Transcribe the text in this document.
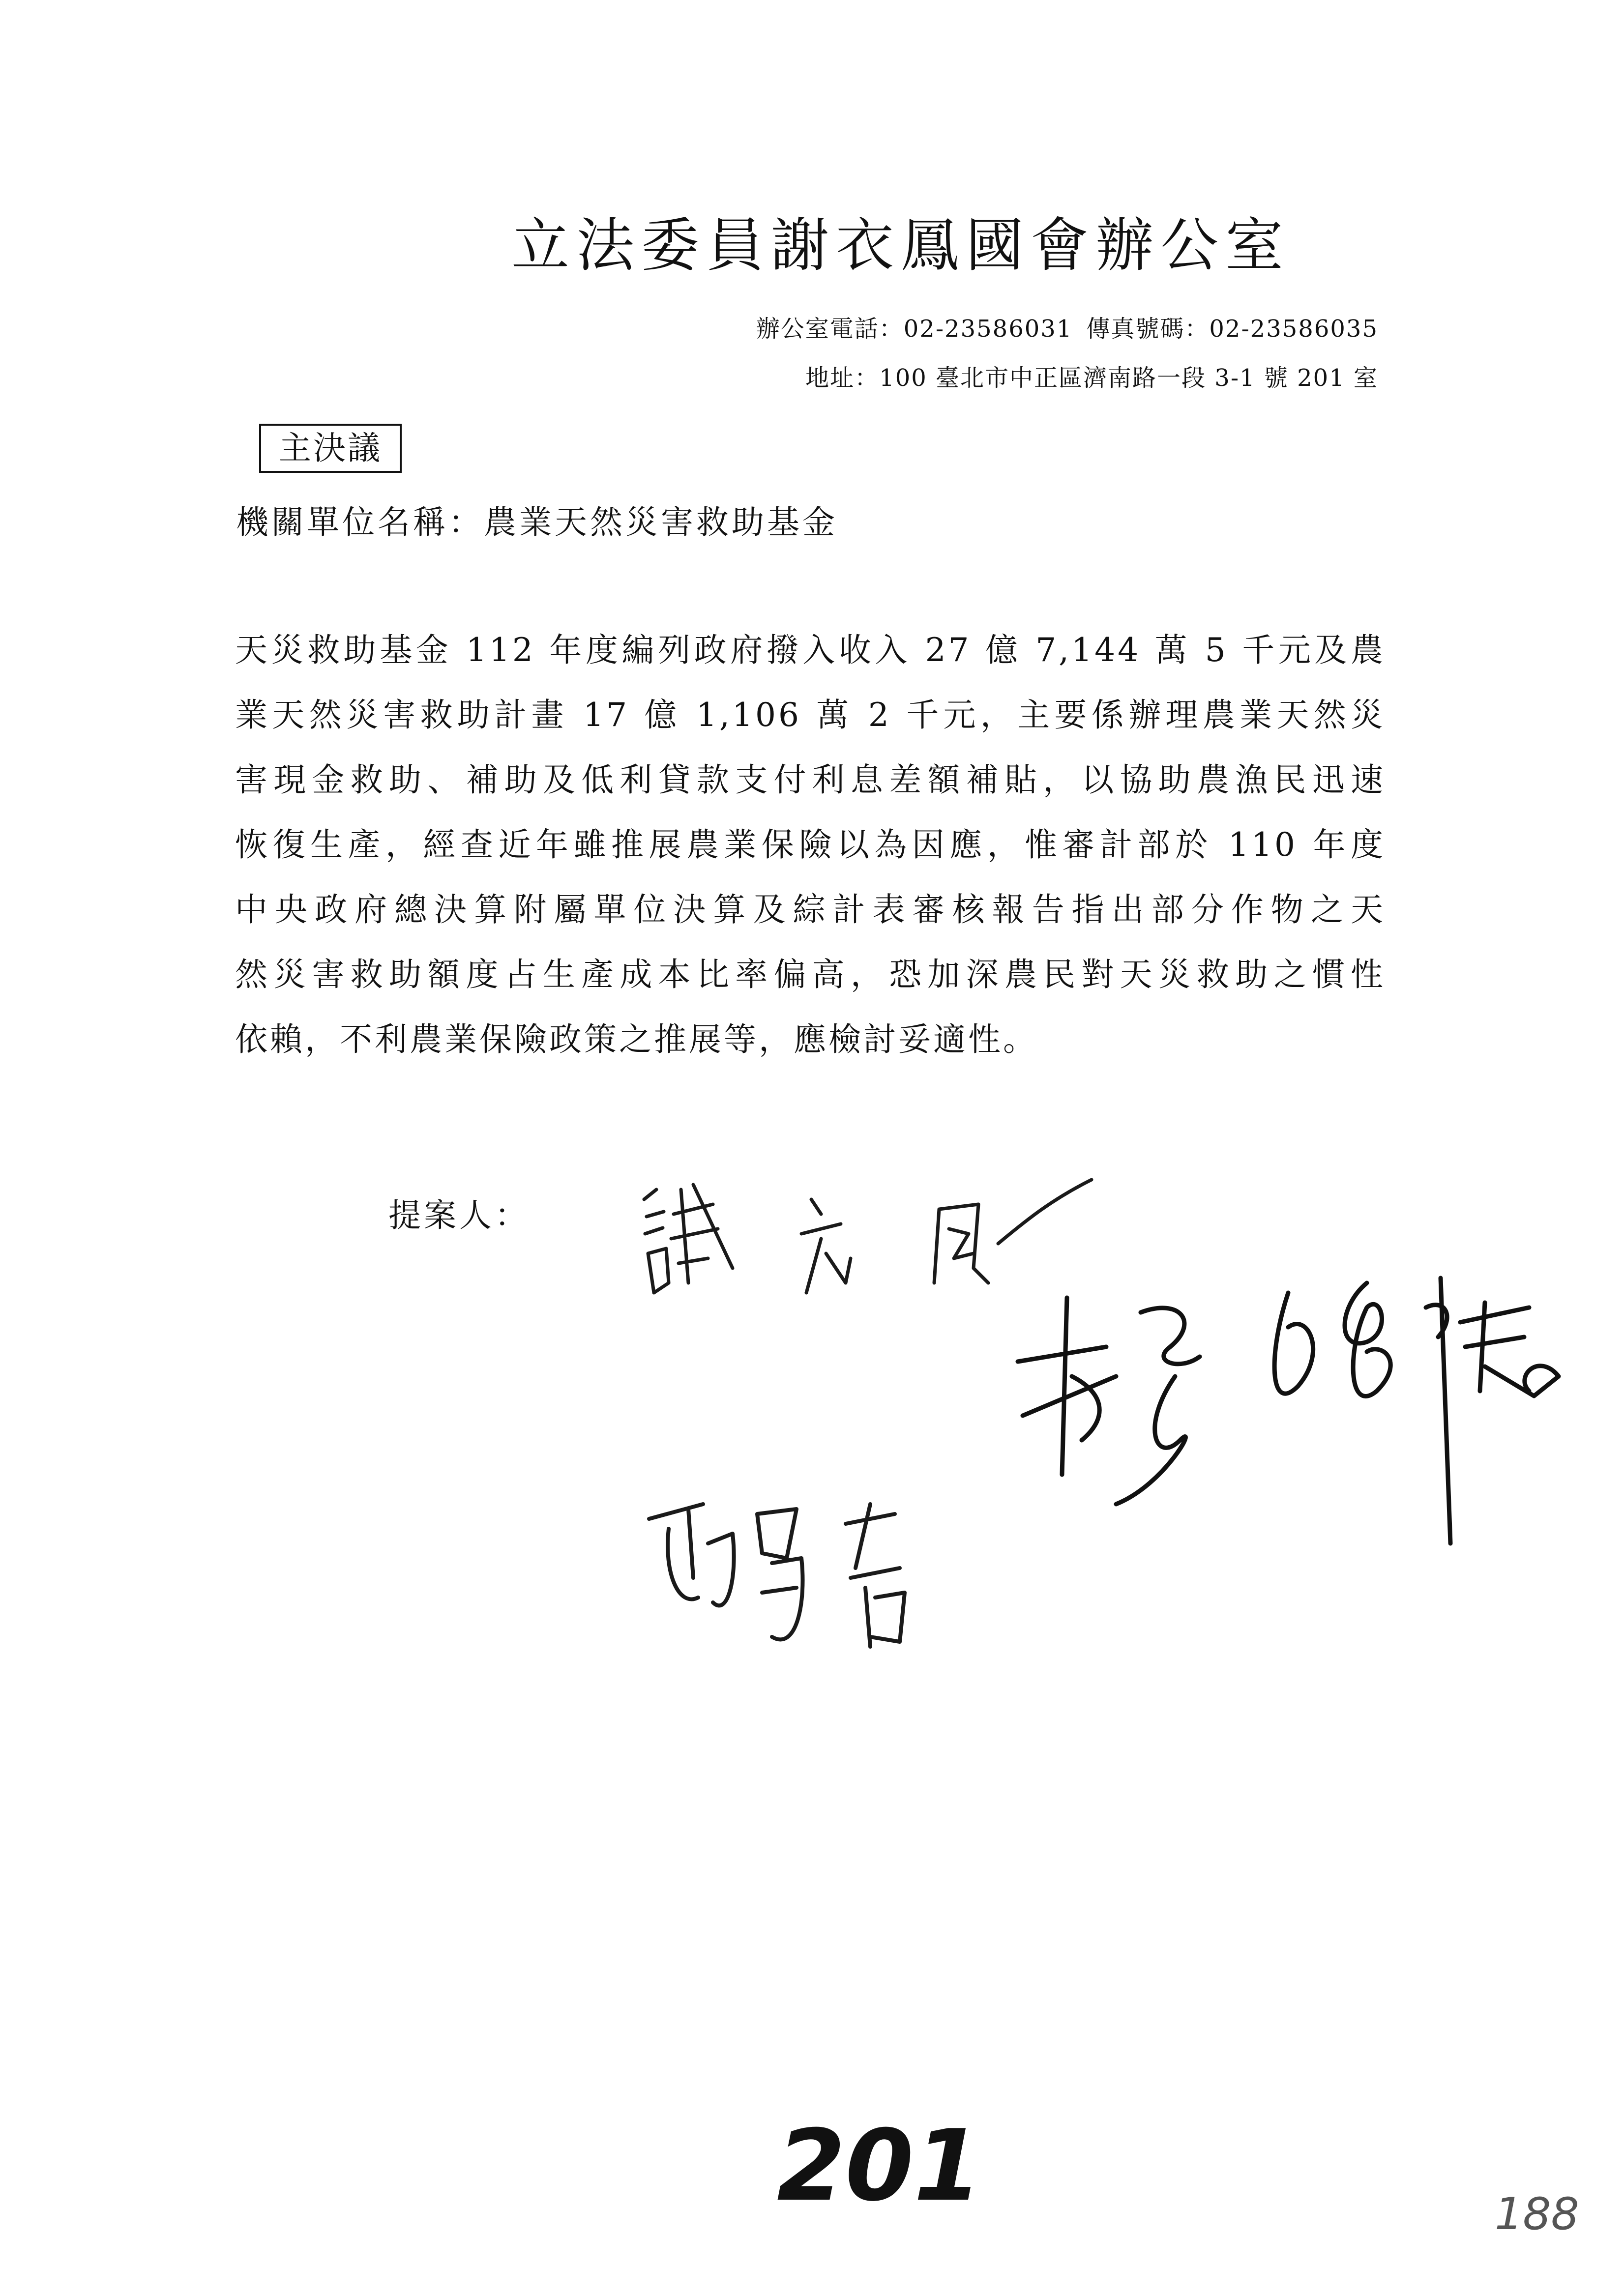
立法委員謝衣鳳國會辦公室
辦公室電話：02-23586031 傳真號碼：02-23586035
地址：100 臺北市中正區濟南路一段 3-1 號 201 室
主決議
機關單位名稱：農業天然災害救助基金
天災救助基金 112 年度編列政府撥入收入 27 億 7,144 萬 5 千元及農
業天然災害救助計畫 17 億 1,106 萬 2 千元，主要係辦理農業天然災
害現金救助、補助及低利貸款支付利息差額補貼，以協助農漁民迅速
恢復生產，經查近年雖推展農業保險以為因應，惟審計部於 110 年度
中央政府總決算附屬單位決算及綜計表審核報告指出部分作物之天
然災害救助額度占生產成本比率偏高，恐加深農民對天災救助之慣性
依賴，不利農業保險政策之推展等，應檢討妥適性。
提案人：
201	188
